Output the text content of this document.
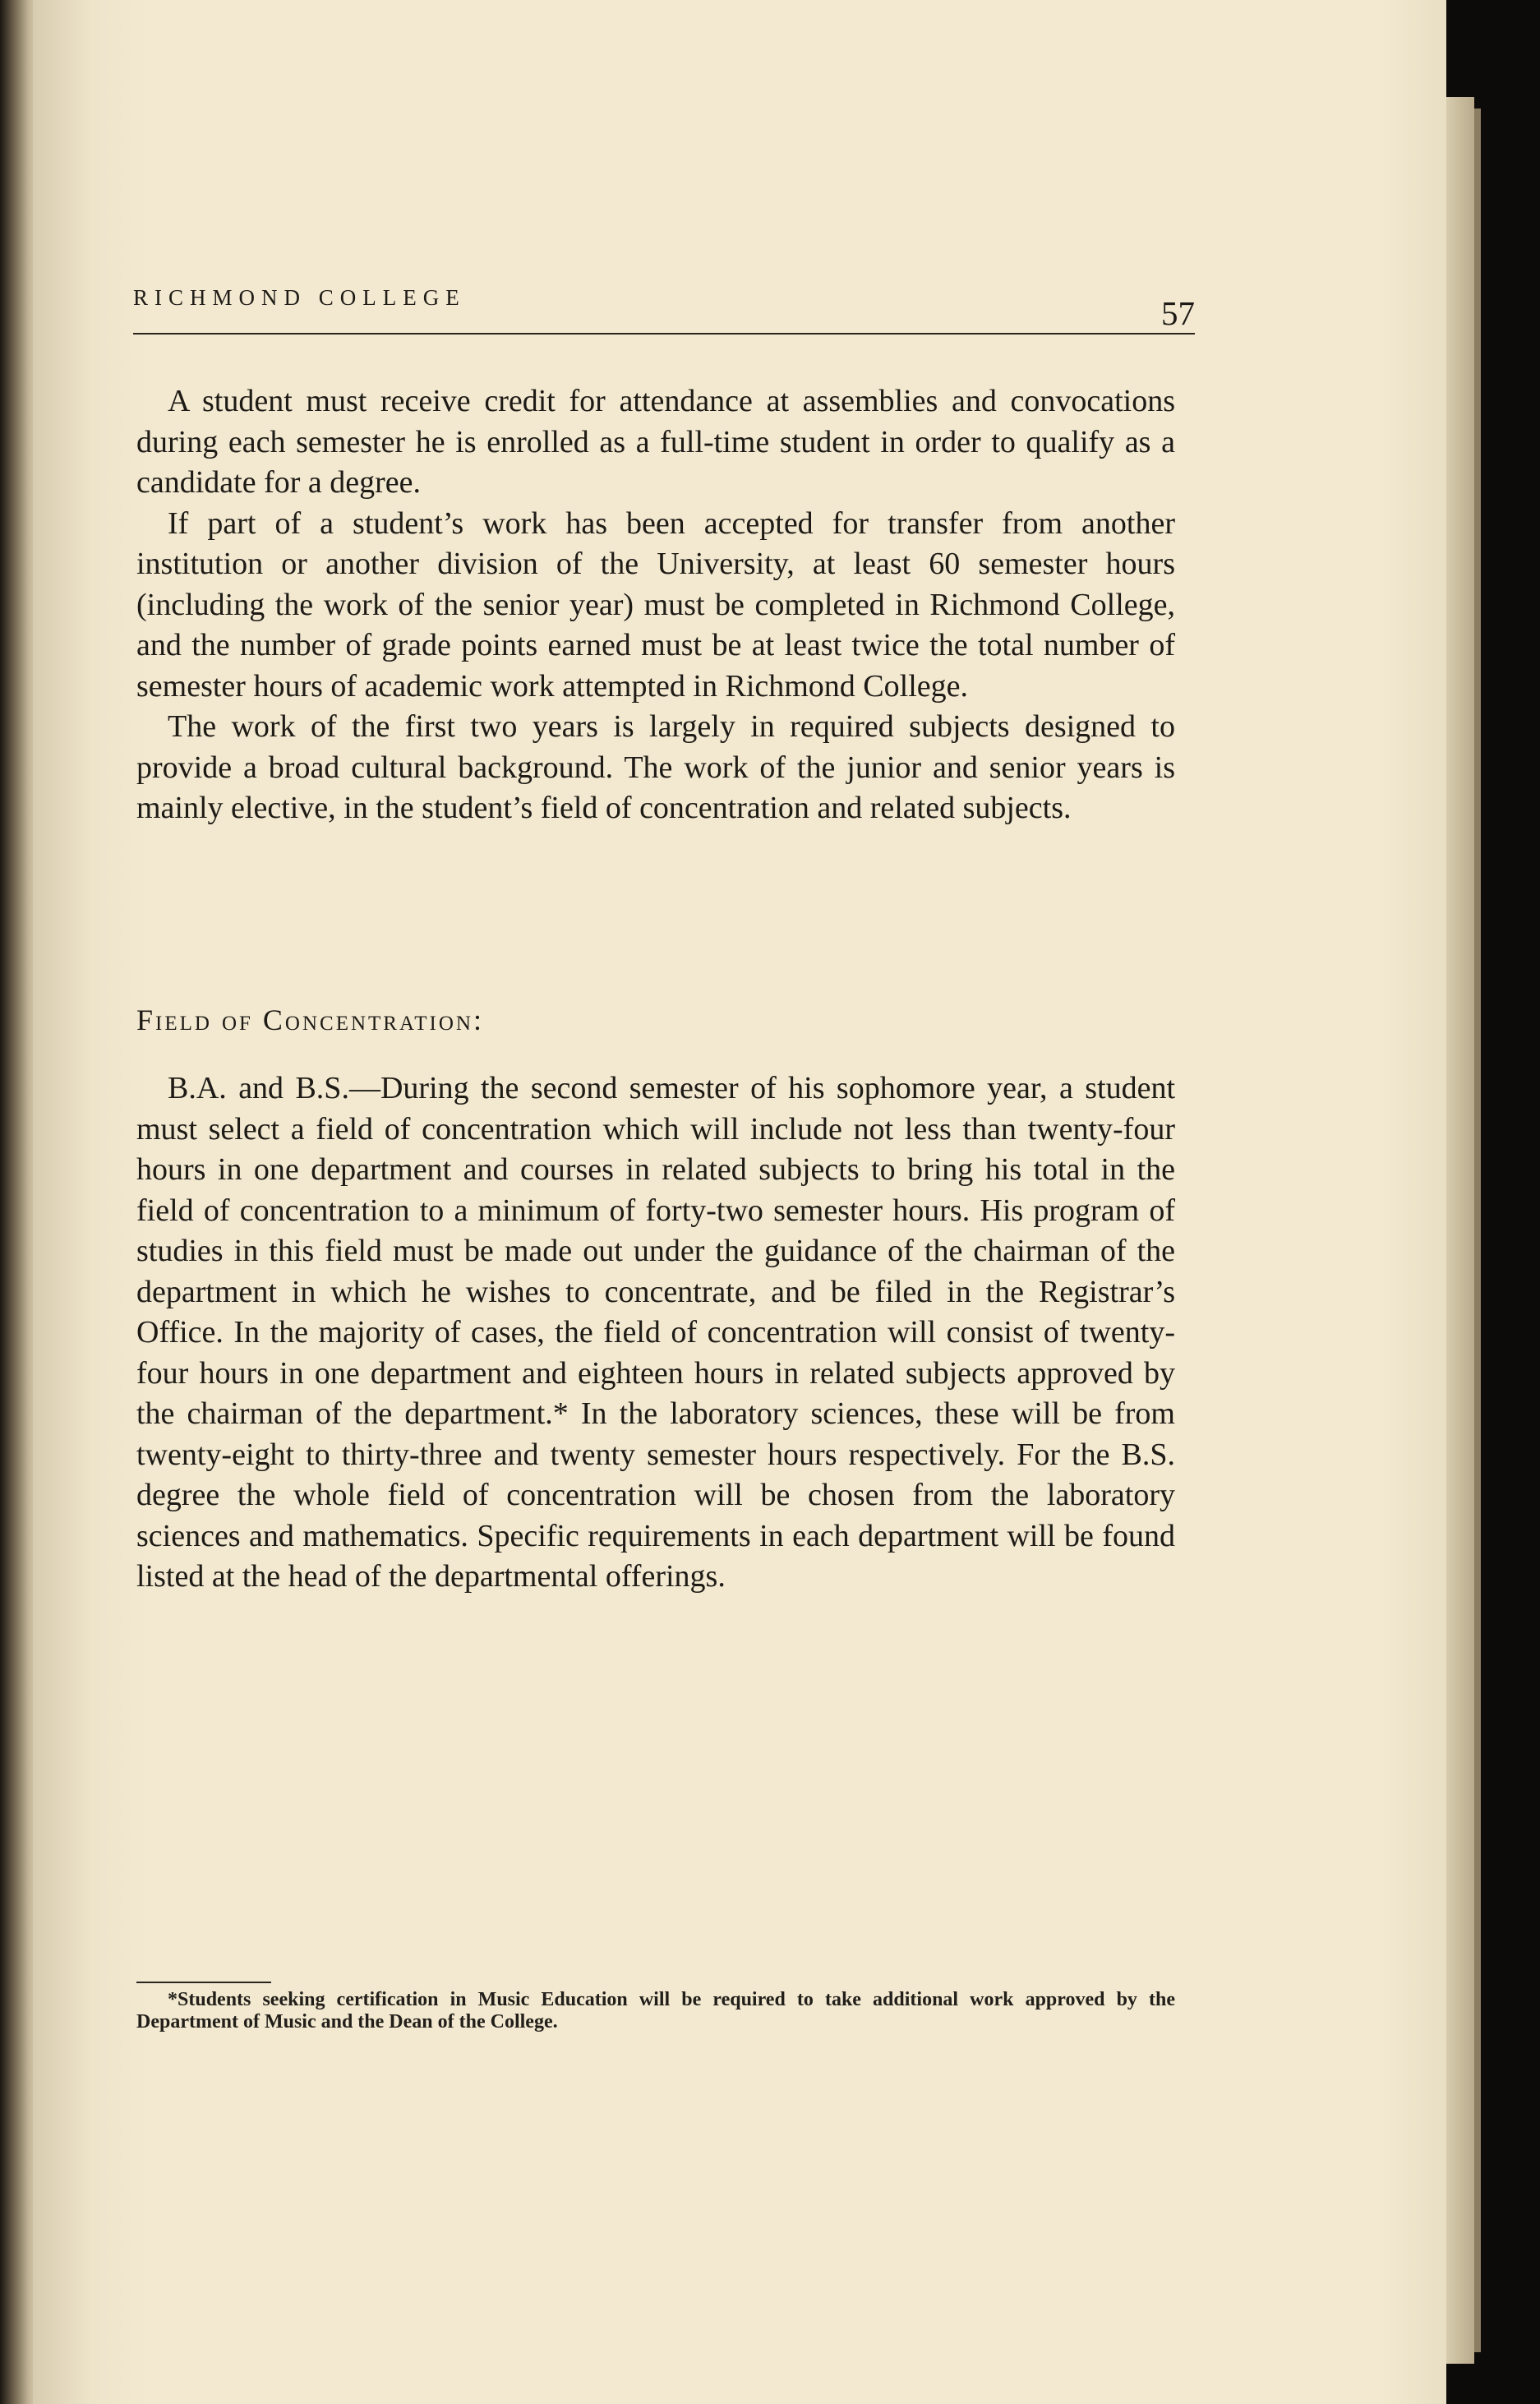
RICHMOND COLLEGE	57

A student must receive credit for attendance at assemblies and convocations during each semester he is enrolled as a full-time student in order to qualify as a candidate for a degree.

If part of a student’s work has been accepted for transfer from another institution or another division of the University, at least 60 semester hours (including the work of the senior year) must be completed in Richmond College, and the number of grade points earned must be at least twice the total number of semester hours of academic work attempted in Richmond College.

The work of the first two years is largely in required subjects designed to provide a broad cultural background. The work of the junior and senior years is mainly elective, in the student’s field of concentration and related subjects.

Field of Concentration:

B.A. and B.S.—During the second semester of his sophomore year, a student must select a field of concentration which will include not less than twenty-four hours in one department and courses in related subjects to bring his total in the field of concentration to a minimum of forty-two semester hours. His program of studies in this field must be made out under the guidance of the chairman of the department in which he wishes to concentrate, and be filed in the Registrar’s Office. In the majority of cases, the field of concentration will consist of twenty-four hours in one department and eighteen hours in related subjects approved by the chairman of the department.* In the laboratory sciences, these will be from twenty-eight to thirty-three and twenty semester hours respectively. For the B.S. degree the whole field of concentration will be chosen from the laboratory sciences and mathematics. Specific requirements in each department will be found listed at the head of the departmental offerings.

*Students seeking certification in Music Education will be required to take additional work approved by the Department of Music and the Dean of the College.
